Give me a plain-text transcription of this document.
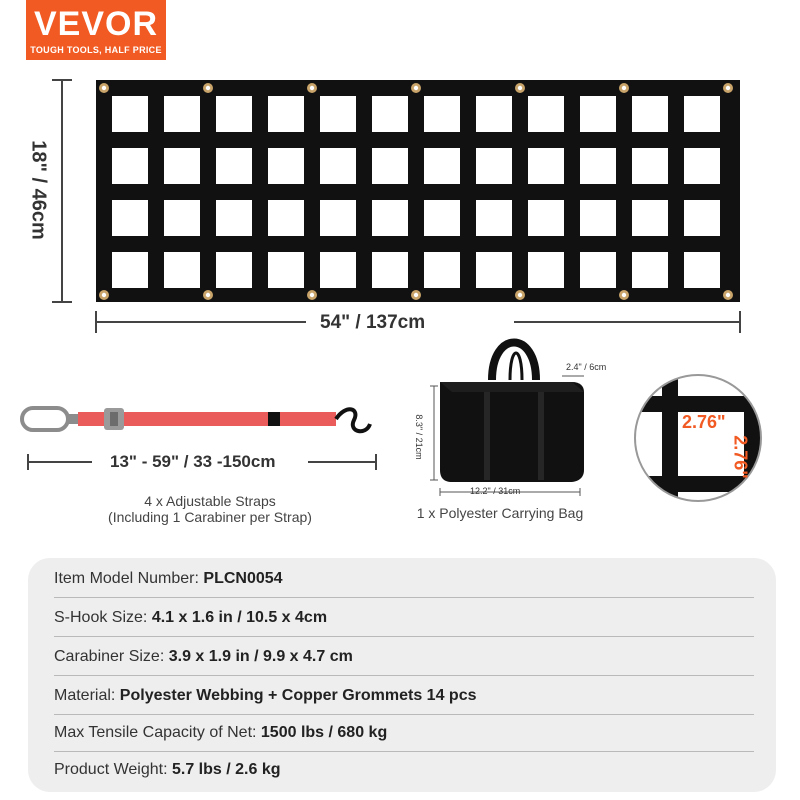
VEVOR
TOUGH TOOLS, HALF PRICE
18" / 46cm
54" / 137cm
13" - 59" / 33 -150cm
2.4" / 6cm
8.3" / 21cm
12.2" / 31cm
2.76"
2.76"
4 x Adjustable Straps
(Including 1 Carabiner per Strap)	1 x Polyester Carrying Bag
Item Model Number: PLCN0054
S-Hook Size: 4.1 x 1.6 in / 10.5 x 4cm
Carabiner Size: 3.9 x 1.9 in / 9.9 x 4.7 cm
Material: Polyester Webbing + Copper Grommets 14 pcs
Max Tensile Capacity of Net: 1500 lbs / 680 kg
Product Weight: 5.7 lbs / 2.6 kg
